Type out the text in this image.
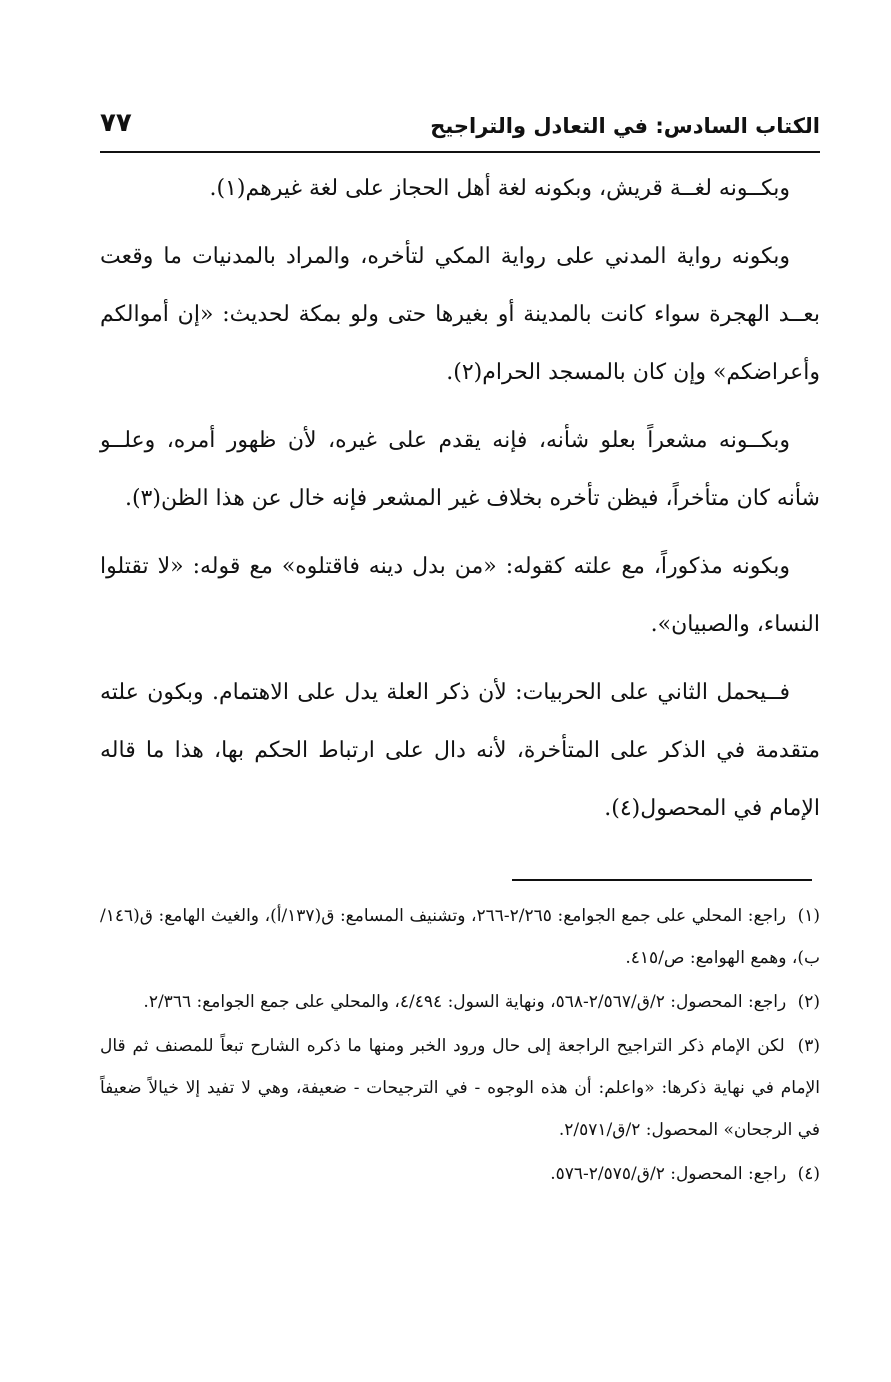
الكتاب السادس: في التعادل والتراجيح
٧٧

وبكــونه لغــة قريش، وبكونه لغة أهل الحجاز على لغة غيرهم(١).

وبكونه رواية المدني على رواية المكي لتأخره، والمراد بالمدنيات ما وقعت بعــد الهجرة سواء كانت بالمدينة أو بغيرها حتى ولو بمكة لحديث: «إن أموالكم وأعراضكم» وإن كان بالمسجد الحرام(٢).

وبكــونه مشعراً بعلو شأنه، فإنه يقدم على غيره، لأن ظهور أمره، وعلــو شأنه كان متأخراً، فيظن تأخره بخلاف غير المشعر فإنه خال عن هذا الظن(٣).

وبكونه مذكوراً، مع علته كقوله: «من بدل دينه فاقتلوه» مع قوله: «لا تقتلوا النساء، والصبيان».

فــيحمل الثاني على الحربيات: لأن ذكر العلة يدل على الاهتمام. وبكون علته متقدمة في الذكر على المتأخرة، لأنه دال على ارتباط الحكم بها، هذا ما قاله الإمام في المحصول(٤).

(١) راجع: المحلي على جمع الجوامع: ٢/٢٦٥-٢٦٦، وتشنيف المسامع: ق(١٣٧/أ)، والغيث الهامع: ق(١٤٦/ب)، وهمع الهوامع: ص/٤١٥.

(٢) راجع: المحصول: ٢/ق/٢/٥٦٧-٥٦٨، ونهاية السول: ٤/٤٩٤، والمحلي على جمع الجوامع: ٢/٣٦٦.

(٣) لكن الإمام ذكر التراجيح الراجعة إلى حال ورود الخبر ومنها ما ذكره الشارح تبعاً للمصنف ثم قال الإمام في نهاية ذكرها: «واعلم: أن هذه الوجوه - في الترجيحات - ضعيفة، وهي لا تفيد إلا خيالاً ضعيفاً في الرجحان» المحصول: ٢/ق/٢/٥٧١.

(٤) راجع: المحصول: ٢/ق/٢/٥٧٥-٥٧٦.
